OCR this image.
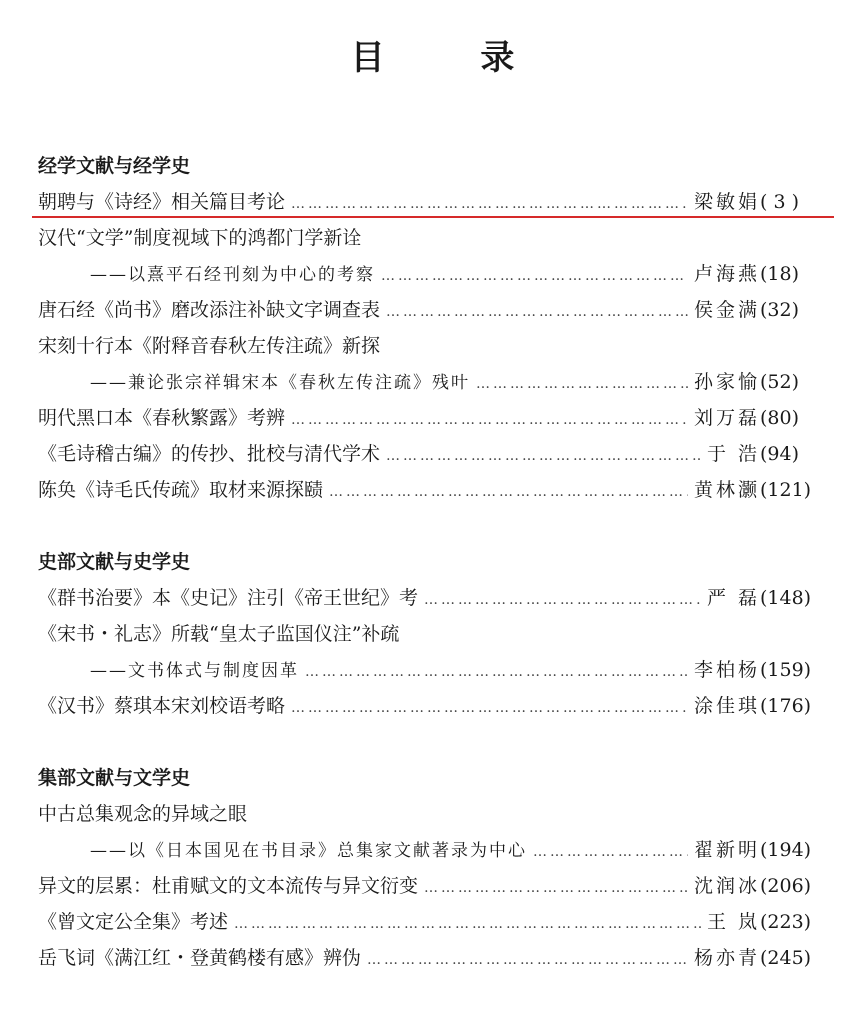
目 录
经学文献与经学史
朝聘与《诗经》相关篇目考论 ……………………………………………………………………………………………………………………………………	梁敏娟 ( 3 )
汉代“文学”制度视域下的鸿都门学新诠
——以熹平石经刊刻为中心的考察 ……………………………………………………………………………………………………………………………………	卢海燕 (18)
唐石经《尚书》磨改添注补缺文字调查表 ……………………………………………………………………………………………………………………………………	侯金满 (32)
宋刻十行本《附释音春秋左传注疏》新探
——兼论张宗祥辑宋本《春秋左传注疏》残叶 ……………………………………………………………………………………………………………………………………	孙家愉 (52)
明代黑口本《春秋繁露》考辨 ……………………………………………………………………………………………………………………………………	刘万磊 (80)
《毛诗稽古编》的传抄、批校与清代学术 ……………………………………………………………………………………………………………………………………	于 浩 (94)
陈奂《诗毛氏传疏》取材来源探赜 ……………………………………………………………………………………………………………………………………	黄林灏 (121)
史部文献与史学史
《群书治要》本《史记》注引《帝王世纪》考 ……………………………………………………………………………………………………………………………………	严 磊 (148)
《宋书・礼志》所载“皇太子监国仪注”补疏
——文书体式与制度因革 ……………………………………………………………………………………………………………………………………	李柏杨 (159)
《汉书》蔡琪本宋刘校语考略 ……………………………………………………………………………………………………………………………………	涂佳琪 (176)
集部文献与文学史
中古总集观念的异域之眼
——以《日本国见在书目录》总集家文献著录为中心 ……………………………………………………………………………………………………………………………………	翟新明 (194)
异文的层累：杜甫赋文的文本流传与异文衍变 ……………………………………………………………………………………………………………………………………	沈润冰 (206)
《曾文定公全集》考述 ……………………………………………………………………………………………………………………………………	王 岚 (223)
岳飞词《满江红・登黄鹤楼有感》辨伪 ……………………………………………………………………………………………………………………………………	杨亦青 (245)
